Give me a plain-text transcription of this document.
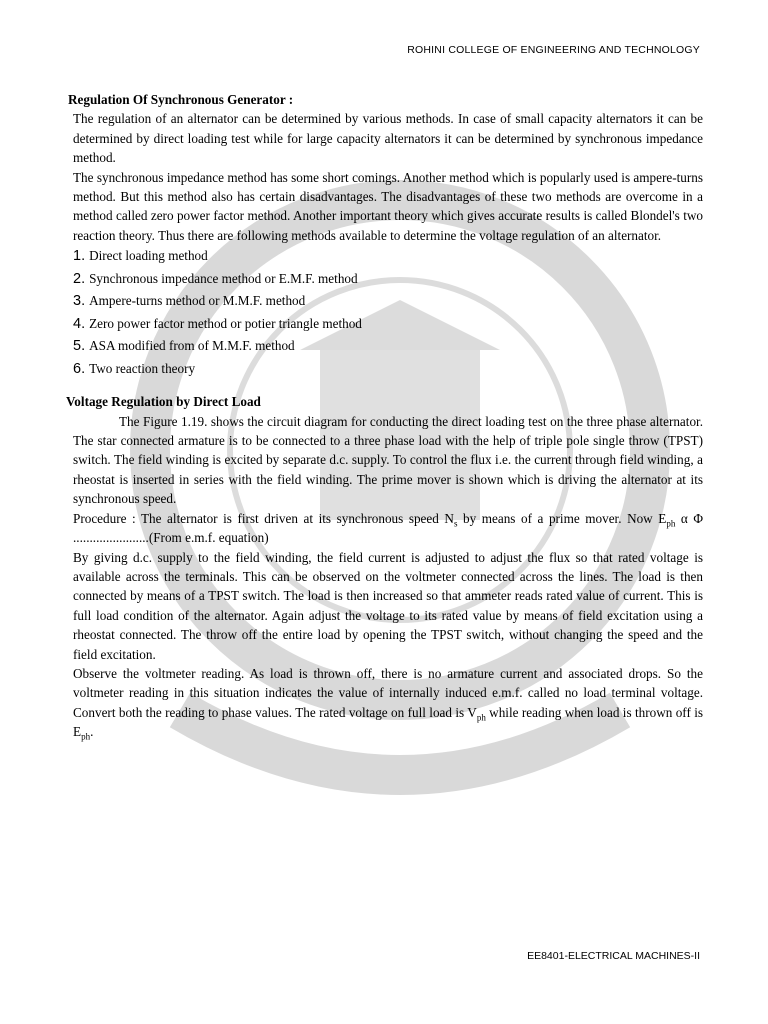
ROHINI COLLEGE OF ENGINEERING AND TECHNOLOGY

Regulation Of Synchronous Generator :

The regulation of an alternator can be determined by various methods. In case of small capacity alternators it can be determined by direct loading test while for large capacity alternators it can be determined by synchronous impedance method.

The synchronous impedance method has some short comings. Another method which is popularly used is ampere-turns method. But this method also has certain disadvantages. The disadvantages of these two methods are overcome in a method called zero power factor method. Another important theory which gives accurate results is called Blondel's two reaction theory. Thus there are following methods available to determine the voltage regulation of an alternator.

1. Direct loading method
2. Synchronous impedance method or E.M.F. method
3. Ampere-turns method or M.M.F. method
4. Zero power factor method or potier triangle method
5. ASA modified from of M.M.F. method
6. Two reaction theory

Voltage Regulation by Direct Load

The Figure 1.19. shows the circuit diagram for conducting the direct loading test on the three phase alternator. The star connected armature is to be connected to a three phase load with the help of triple pole single throw (TPST) switch. The field winding is excited by separate d.c. supply. To control the flux i.e. the current through field winding, a rheostat is inserted in series with the field winding. The prime mover is shown which is driving the alternator at its synchronous speed.

Procedure : The alternator is first driven at its synchronous speed $N_s$ by means of a prime mover. Now $E_{ph}$ α Φ .......................(From e.m.f. equation)

By giving d.c. supply to the field winding, the field current is adjusted to adjust the flux so that rated voltage is available across the terminals. This can be observed on the voltmeter connected across the lines. The load is then connected by means of a TPST switch. The load is then increased so that ammeter reads rated value of current. This is full load condition of the alternator. Again adjust the voltage to its rated value by means of field excitation using a rheostat connected. The throw off the entire load by opening the TPST switch, without changing the speed and the field excitation.

Observe the voltmeter reading. As load is thrown off, there is no armature current and associated drops. So the voltmeter reading in this situation indicates the value of internally induced e.m.f. called no load terminal voltage. Convert both the reading to phase values. The rated voltage on full load is $V_{ph}$ while reading when load is thrown off is $E_{ph}$.

EE8401-ELECTRICAL MACHINES-II
